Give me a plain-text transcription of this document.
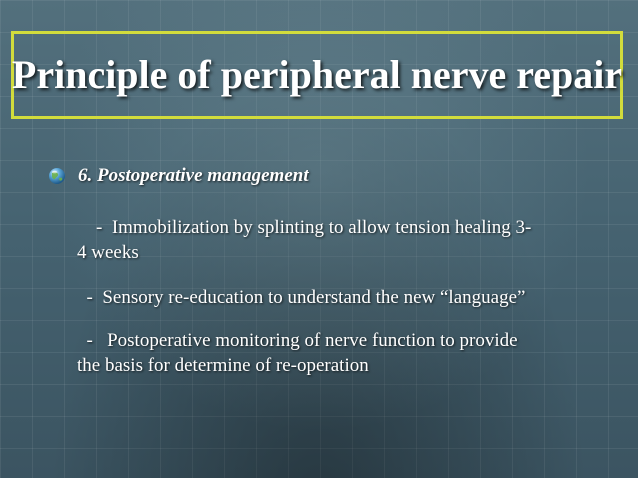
Principle of peripheral nerve repair
6. Postoperative management
-  Immobilization by splinting to allow tension healing 3-
4 weeks
-  Sensory re-education to understand the new “language”
-   Postoperative monitoring of nerve function to provide
the basis for determine of re-operation
